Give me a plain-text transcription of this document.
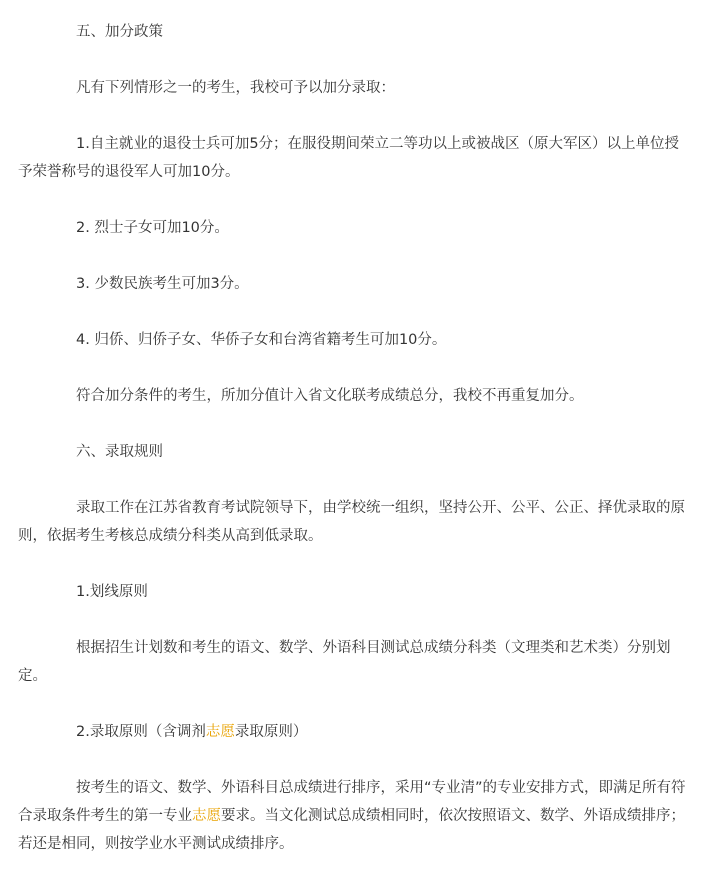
五、加分政策

凡有下列情形之一的考生，我校可予以加分录取：

1.自主就业的退役士兵可加5分；在服役期间荣立二等功以上或被战区（原大军区）以上单位授予荣誉称号的退役军人可加10分。

2. 烈士子女可加10分。

3. 少数民族考生可加3分。

4. 归侨、归侨子女、华侨子女和台湾省籍考生可加10分。

符合加分条件的考生，所加分值计入省文化联考成绩总分，我校不再重复加分。

六、录取规则

录取工作在江苏省教育考试院领导下，由学校统一组织，坚持公开、公平、公正、择优录取的原则，依据考生考核总成绩分科类从高到低录取。

1.划线原则

根据招生计划数和考生的语文、数学、外语科目测试总成绩分科类（文理类和艺术类）分别划定。

2.录取原则（含调剂志愿录取原则）

按考生的语文、数学、外语科目总成绩进行排序，采用“专业清”的专业安排方式，即满足所有符合录取条件考生的第一专业志愿要求。当文化测试总成绩相同时，依次按照语文、数学、外语成绩排序；若还是相同，则按学业水平测试成绩排序。
